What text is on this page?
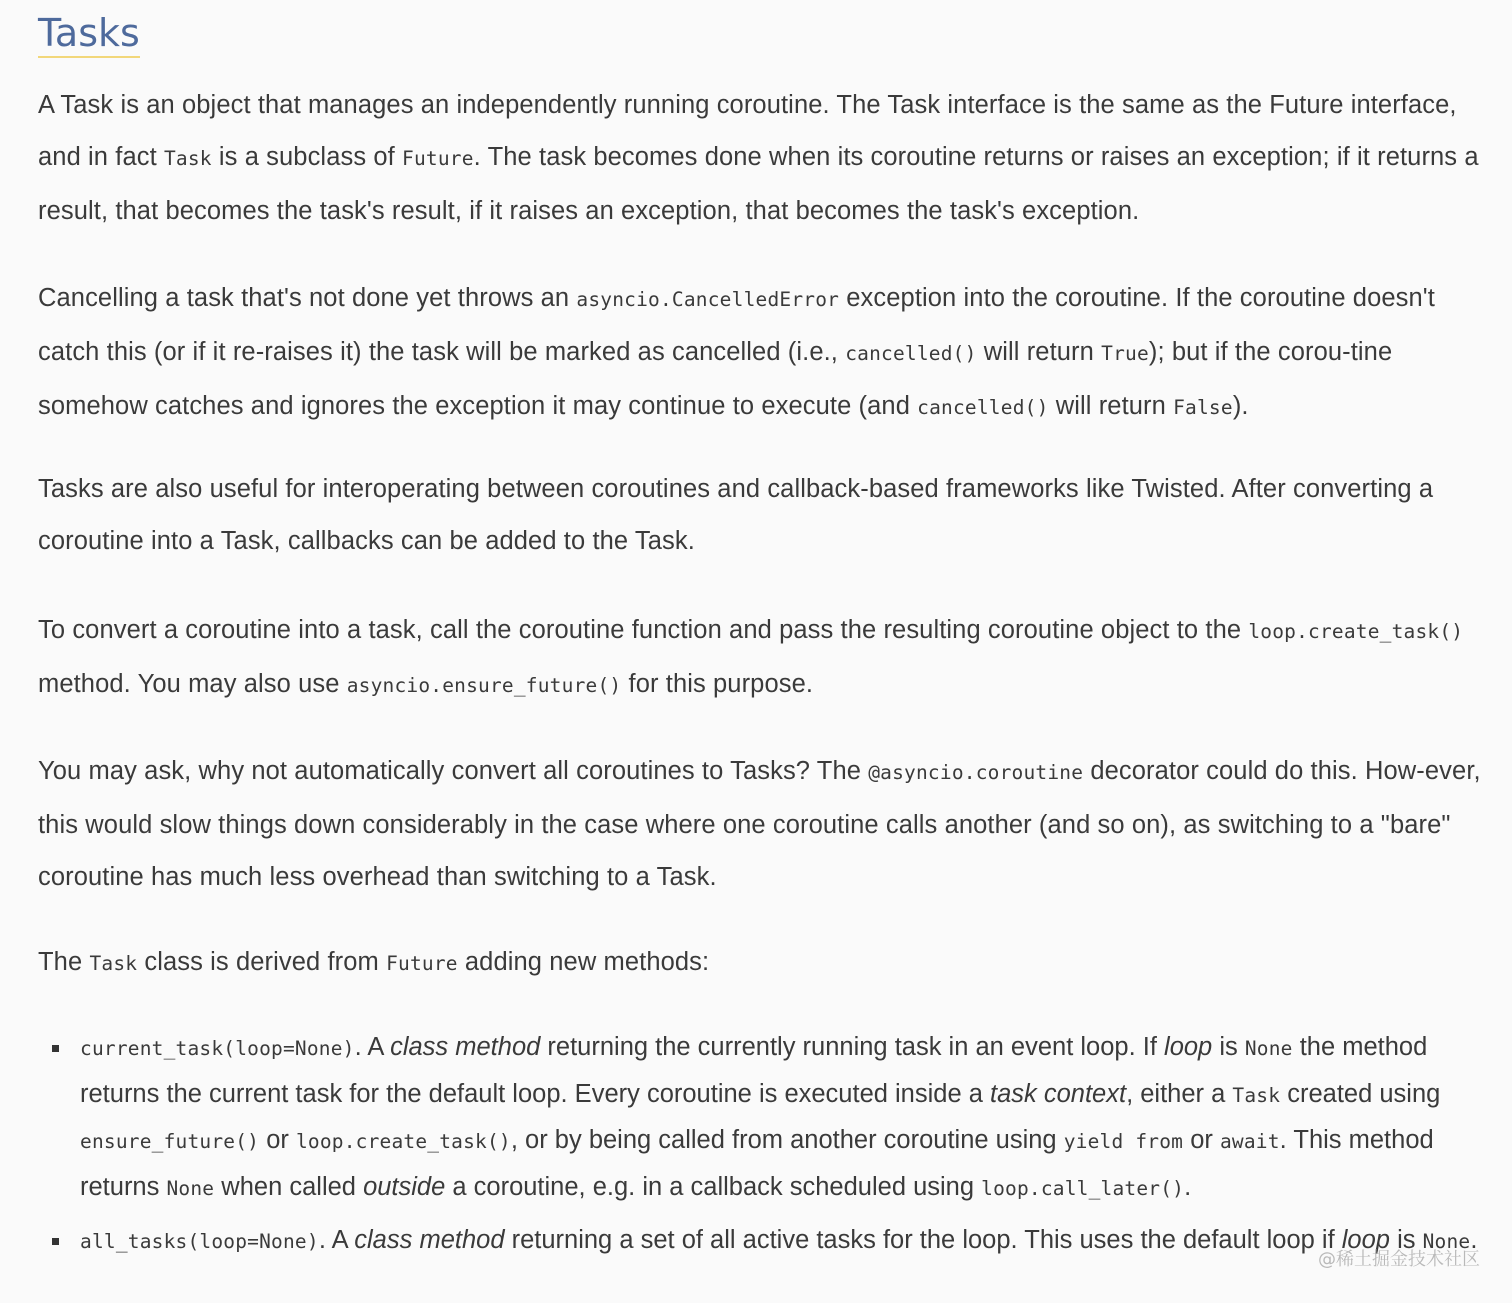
Tasks

A Task is an object that manages an independently running coroutine. The Task interface is the same as the Future interface, and in fact Task is a subclass of Future. The task becomes done when its coroutine returns or raises an exception; if it returns a result, that becomes the task's result, if it raises an exception, that becomes the task's exception.

Cancelling a task that's not done yet throws an asyncio.CancelledError exception into the coroutine. If the coroutine doesn't catch this (or if it re-raises it) the task will be marked as cancelled (i.e., cancelled() will return True); but if the corou-tine somehow catches and ignores the exception it may continue to execute (and cancelled() will return False).

Tasks are also useful for interoperating between coroutines and callback-based frameworks like Twisted. After converting a coroutine into a Task, callbacks can be added to the Task.

To convert a coroutine into a task, call the coroutine function and pass the resulting coroutine object to the loop.create_task() method. You may also use asyncio.ensure_future() for this purpose.

You may ask, why not automatically convert all coroutines to Tasks? The @asyncio.coroutine decorator could do this. How-ever, this would slow things down considerably in the case where one coroutine calls another (and so on), as switching to a "bare" coroutine has much less overhead than switching to a Task.

The Task class is derived from Future adding new methods:

current_task(loop=None). A class method returning the currently running task in an event loop. If loop is None the method returns the current task for the default loop. Every coroutine is executed inside a task context, either a Task created using ensure_future() or loop.create_task(), or by being called from another coroutine using yield from or await. This method returns None when called outside a coroutine, e.g. in a callback scheduled using loop.call_later().
all_tasks(loop=None). A class method returning a set of all active tasks for the loop. This uses the default loop if loop is None.
@稀土掘金技术社区
